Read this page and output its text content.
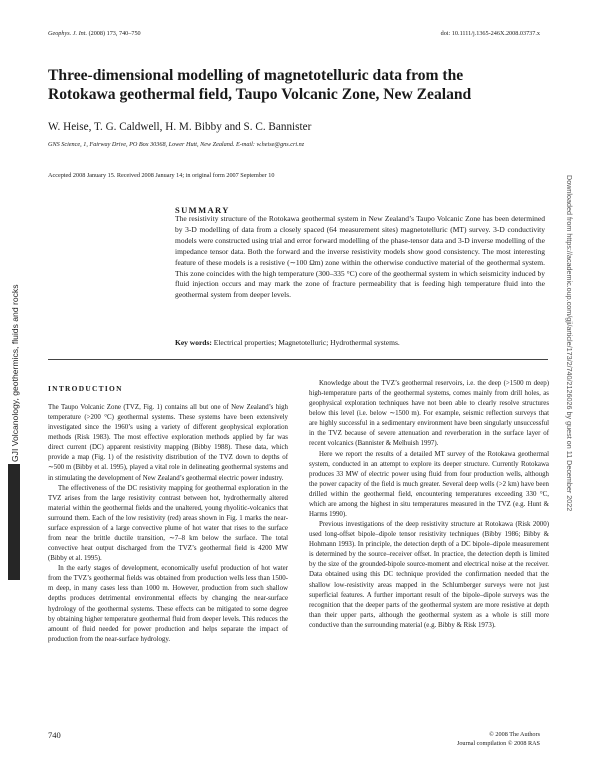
Geophys. J. Int. (2008) 173, 740–750	doi: 10.1111/j.1365-246X.2008.03737.x
Three-dimensional modelling of magnetotelluric data from the Rotokawa geothermal field, Taupo Volcanic Zone, New Zealand
W. Heise, T. G. Caldwell, H. M. Bibby and S. C. Bannister
GNS Science, 1, Fairway Drive, PO Box 30368, Lower Hutt, New Zealand. E-mail: w.heise@gns.cri.nz
Accepted 2008 January 15. Received 2008 January 14; in original form 2007 September 10
SUMMARY
The resistivity structure of the Rotokawa geothermal system in New Zealand’s Taupo Volcanic Zone has been determined by 3-D modelling of data from a closely spaced (64 measurement sites) magnetotelluric (MT) survey. 3-D conductivity models were constructed using trial and error forward modelling of the phase-tensor data and 3-D inverse modelling of the impedance tensor data. Both the forward and the inverse resistivity models show good consistency. The most interesting feature of these models is a resistive (∼100 Ωm) zone within the otherwise conductive material of the geothermal system. This zone coincides with the high temperature (300–335 °C) core of the geothermal system in which seismicity induced by fluid injection occurs and may mark the zone of fracture permeability that is feeding high temperature fluid into the geothermal system from deeper levels.
Key words: Electrical properties; Magnetotelluric; Hydrothermal systems.
INTRODUCTION

The Taupo Volcanic Zone (TVZ, Fig. 1) contains all but one of New Zealand’s high temperature (>200 °C) geothermal systems. These systems have been extensively investigated since the 1960’s using a variety of different geophysical exploration methods (Risk 1983). The most effective exploration methods applied by far was direct current (DC) apparent resistivity mapping (Bibby 1988). These data, which provide a map (Fig. 1) of the resistivity distribution of the TVZ down to depths of ∼500 m (Bibby et al. 1995), played a vital role in delineating geothermal systems and in stimulating the development of New Zealand’s geothermal electric power industry.

The effectiveness of the DC resistivity mapping for geothermal exploration in the TVZ arises from the large resistivity contrast between hot, hydrothermally altered material within the geothermal fields and the unaltered, young rhyolitic-volcanics that surround them. Each of the low resistivity (red) areas shown in Fig. 1 marks the near-surface expression of a large convective plume of hot water that rises to the surface from near the brittle ductile transition, ∼7–8 km below the surface. The total convective heat output discharged from the TVZ’s geothermal field is 4200 MW (Bibby et al. 1995).

In the early stages of development, economically useful production of hot water from the TVZ’s geothermal fields was obtained from production wells less than 1500-m deep, in many cases less than 1000 m. However, production from such shallow depths produces detrimental environmental effects by changing the near-surface hydrology of the geothermal systems. These effects can be mitigated to some degree by obtaining higher temperature geothermal fluid from deeper levels. This reduces the amount of fluid needed for power production and helps separate the impact of production from the near-surface hydrology.

Knowledge about the TVZ’s geothermal reservoirs, i.e. the deep (>1500 m deep) high-temperature parts of the geothermal systems, comes mainly from drill holes, as geophysical exploration techniques have not been able to clearly resolve structures below this level (i.e. below ∼1500 m). For example, seismic reflection surveys that are highly successful in a sedimentary environment have been singularly unsuccessful in the TVZ because of severe attenuation and reverberation in the surface layer of recent volcanics (Bannister & Melhuish 1997).

Here we report the results of a detailed MT survey of the Rotokawa geothermal system, conducted in an attempt to explore its deeper structure. Currently Rotokawa produces 33 MW of electric power using fluid from four production wells, although the power capacity of the field is much greater. Several deep wells (>2 km) have been drilled within the geothermal field, encountering temperatures exceeding 330 °C, which are among the highest in situ temperatures measured in the TVZ (e.g. Hunt & Harms 1990).

Previous investigations of the deep resistivity structure at Rotokawa (Risk 2000) used long-offset bipole–dipole tensor resistivity techniques (Bibby 1986; Bibby & Hohmann 1993). In principle, the detection depth of a DC bipole–dipole measurement is determined by the source–receiver offset. In practice, the detection depth is limited by the size of the grounded-bipole source-moment and electrical noise at the receiver. Data obtained using this DC technique provided the confirmation needed that the shallow low-resistivity areas mapped in the Schlumberger surveys were not just superficial features. A further important result of the bipole–dipole surveys was the recognition that the deeper parts of the geothermal system are more resistive at depth than their upper parts, although the geothermal system as a whole is still more conductive than the surrounding material (e.g. Bibby & Risk 1973).

740	© 2008 The Authors
Journal compilation © 2008 RAS
GJI Volcanology, geothermics, fluids and rocks	Downloaded from https://academic.oup.com/gji/article/173/2/740/2126026 by guest on 11 December 2022
